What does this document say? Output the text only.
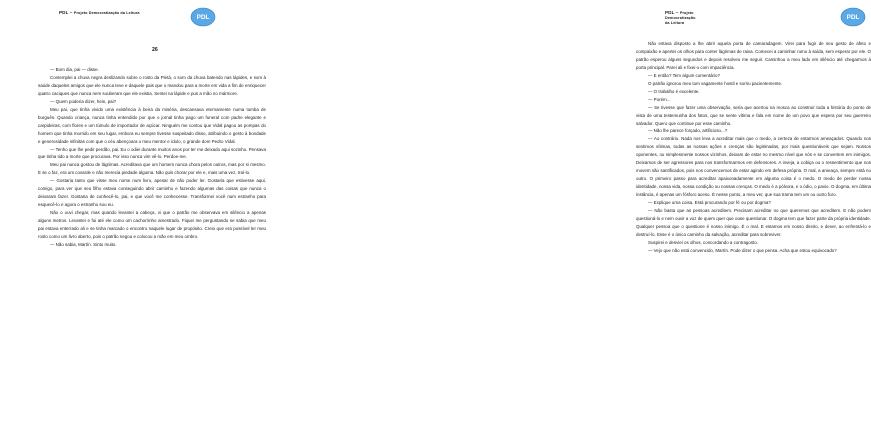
PDL – Projeto Democratização da Leitura
PDL
26

— Bom dia, pai — disse.

Contemplei a chuva negra deslizando sobre o rosto da Pietá, o som da chuva batendo nas lápides, e som à saúde daqueles amigos que ele nunca teve e daquele pais que o mandou para a morte em vida a fim de enriquecer quatro caciques que nunca nem souberam que ele existia. Sentei na lápide e pus a mão no mármore.

— Quem poderia dizer, hein, pai?

Meu pai, que tinha vivido uma existência à beira da miséria, descansava eternamente numa tumba de burguês. Quando criança, nunca tinha entendido por que o jornal tinha pago um funeral com padre elegante e carpideiras, com flores e um túmulo de importador de açúcar. Ninguém me contou que Vidal pagou as pompas do homem que tinha morrido em seu lugar, embora eu sempre tivesse suspeitado disso, atribuindo o gesto à bondade e generosidade infinitas com que o céu abençoara o meu mentor e ídolo, o grande dom Pedro Vidal.

— Tenho que lhe pedir perdão, pai. Eu o odiei durante muitos anos por ter me deixado aqui sozinho. Pensava que tinha tido a morte que procurava. Por isso nunca vim vê-lo. Perdoe-me.

Meu pai nunca gostou de lágrimas. Acreditava que um homem nunca chora pelos outros, mas por si mesmo. E se o faz, era um covarde e não merecia piedade alguma. Não quis chorar por ele e, mais uma vez, traí-lo.

— Gostaria tanto que visse meu nome num livro, apesar de não poder ler. Gostaria que estivesse aqui, comigo, para ver que seu filho estava conseguindo abrir caminho e fazendo algumas das coisas que nunca o deixaram fazer. Gostaria de conhecê-lo, pai, e que você me conhecesse. Transformei você num estranho para esquecê-lo e agora o estranho sou eu.

Não o ouvi chegar, mas quando levantei a cabeça, vi que o patrão me observava em silêncio a apenas alguns metros. Levantei e fui até ele como um cachorrinho amestrado. Fiquei me perguntando se sabia que meu pai estava enterrado ali e se tinha marcado o encontro naquele lugar de propósito. Creio que era possível ler meu rosto como um livro aberto, pois o patrão negou e colocou a mão em meu ombro.

— Não sabia, Martín. Sinto muito.

PDL – Projeto Democratização da Leitura
PDL

Não estava disposto a lhe abrir aquela porta de camaradagem. Virei para fugir de seu gesto de afeto e compaixão e apertei os olhos para conter lágrimas de raiva. Comecei a caminhar rumo à saída, sem esperar por ele. O patrão esperou alguns segundos e depois resolveu me seguir. Caminhou a meu lado em silêncio até chegarmos à porta principal. Parei ali e fixei-o com impaciência.

— E então? Tem algum comentário?

O patrão ignorou meu tom vagamente hostil e sorriu pacientemente.

— O trabalho é excelente.

— Porém...

— Se tivesse que fazer uma observação, seria que acertou na mosca ao construir toda a história do ponto de vista de uma testemunha dos fatos, que se sente vítima e fala em nome de um povo que espera por seu guerreiro salvador. Quero que continue por esse caminho.

— Não lhe parece forçado, artificioso...?

— Ao contrário. Nada nos leva a acreditar mais que o medo, a certeza de estarmos ameaçados. Quando nos sentimos vítimas, todas as nossas ações e crenças são legitimadas, por mais questionáveis que sejam. Nossos oponentes, ou simplesmente nossos vizinhos, deixam de estar no mesmo nível que nós e se convertem em inimigos. Deixamos de ser agressores para nos transformarmos em defensores. A inveja, a cobiça ou o ressentimento que nos movem são santificados, pois nos convencemos de estar agindo em defesa própria. O mal, a ameaça, sempre está no outro. O primeiro passo para acreditar apaixonadamente em alguma coisa é o medo. O medo de perder nossa identidade, nossa vida, nossa condição ou nossas crenças. O medo é a pólvora, e o ódio, o pavio. O dogma, em última instância, é apenas um fósforo aceso. É nesse ponto, a meu ver, que sua trama tem um ou outro furo.

— Explique uma coisa. Está procurando por fé ou por dogma?

— Não basta que as pessoas acreditem. Precisam acreditar no que queremos que acreditem. E não podem questioná-lo e nem ouvir a voz de quem quer que ouse questionar. O dogma tem que fazer parte da própria identidade. Qualquer pessoa que o questione é nosso inimigo. É o mal. E estamos em nosso direito, e dever, ao enfrentá-lo e destruí-lo. Esse é o único caminho da salvação, acreditar para sobreviver.

Suspirei e desviei os olhos, concordando a contragosto.

— Vejo que não está convencido, Martín. Pode dizer o que pensa. Acha que estou equivocado?
